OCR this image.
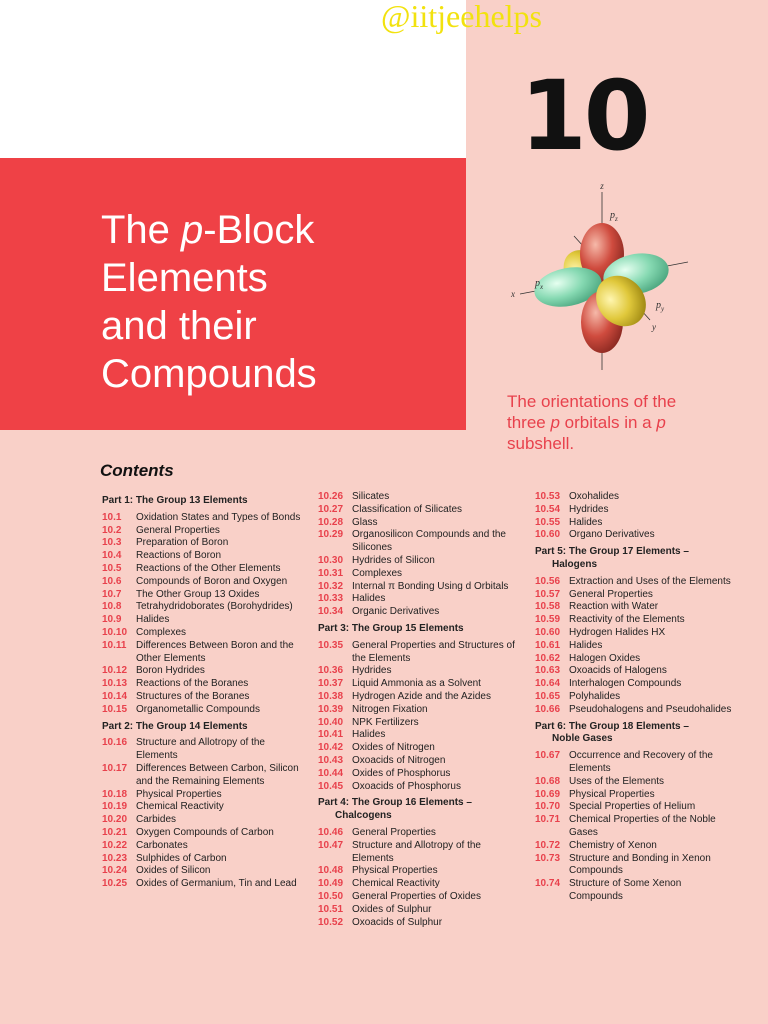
@iitjeehelps
10
The p-Block
Elements
and their
Compounds
z
x
y
$p_z$
$p_x$
$p_y$
The orientations of the three p orbitals in a p subshell.
Contents
Part 1: The Group 13 Elements
10.1	Oxidation States and Types of Bonds
10.2	General Properties
10.3	Preparation of Boron
10.4	Reactions of Boron
10.5	Reactions of the Other Elements
10.6	Compounds of Boron and Oxygen
10.7	The Other Group 13 Oxides
10.8	Tetrahydridoborates (Borohydrides)
10.9	Halides
10.10 Complexes
10.11 Differences Between Boron and the Other Elements
10.12 Boron Hydrides
10.13 Reactions of the Boranes
10.14 Structures of the Boranes
10.15 Organometallic Compounds
Part 2: The Group 14 Elements
10.16 Structure and Allotropy of the Elements
10.17 Differences Between Carbon, Silicon and the Remaining Elements
10.18 Physical Properties
10.19 Chemical Reactivity
10.20 Carbides
10.21 Oxygen Compounds of Carbon
10.22 Carbonates
10.23 Sulphides of Carbon
10.24 Oxides of Silicon
10.25 Oxides of Germanium, Tin and Lead
10.26 Silicates
10.27 Classification of Silicates
10.28 Glass
10.29 Organosilicon Compounds and the Silicones
10.30 Hydrides of Silicon
10.31 Complexes
10.32 Internal π Bonding Using d Orbitals
10.33 Halides
10.34 Organic Derivatives
Part 3: The Group 15 Elements
10.35 General Properties and Structures of the Elements
10.36 Hydrides
10.37 Liquid Ammonia as a Solvent
10.38 Hydrogen Azide and the Azides
10.39 Nitrogen Fixation
10.40 NPK Fertilizers
10.41 Halides
10.42 Oxides of Nitrogen
10.43 Oxoacids of Nitrogen
10.44 Oxides of Phosphorus
10.45 Oxoacids of Phosphorus
Part 4: The Group 16 Elements –
Chalcogens
10.46 General Properties
10.47 Structure and Allotropy of the Elements
10.48 Physical Properties
10.49 Chemical Reactivity
10.50 General Properties of Oxides
10.51 Oxides of Sulphur
10.52 Oxoacids of Sulphur
10.53 Oxohalides
10.54 Hydrides
10.55 Halides
10.60 Organo Derivatives
Part 5: The Group 17 Elements –
Halogens
10.56 Extraction and Uses of the Elements
10.57 General Properties
10.58 Reaction with Water
10.59 Reactivity of the Elements
10.60 Hydrogen Halides HX
10.61 Halides
10.62 Halogen Oxides
10.63 Oxoacids of Halogens
10.64 Interhalogen Compounds
10.65 Polyhalides
10.66 Pseudohalogens and Pseudohalides
Part 6: The Group 18 Elements –
Noble Gases
10.67 Occurrence and Recovery of the Elements
10.68 Uses of the Elements
10.69 Physical Properties
10.70 Special Properties of Helium
10.71 Chemical Properties of the Noble Gases
10.72 Chemistry of Xenon
10.73 Structure and Bonding in Xenon Compounds
10.74 Structure of Some Xenon Compounds
